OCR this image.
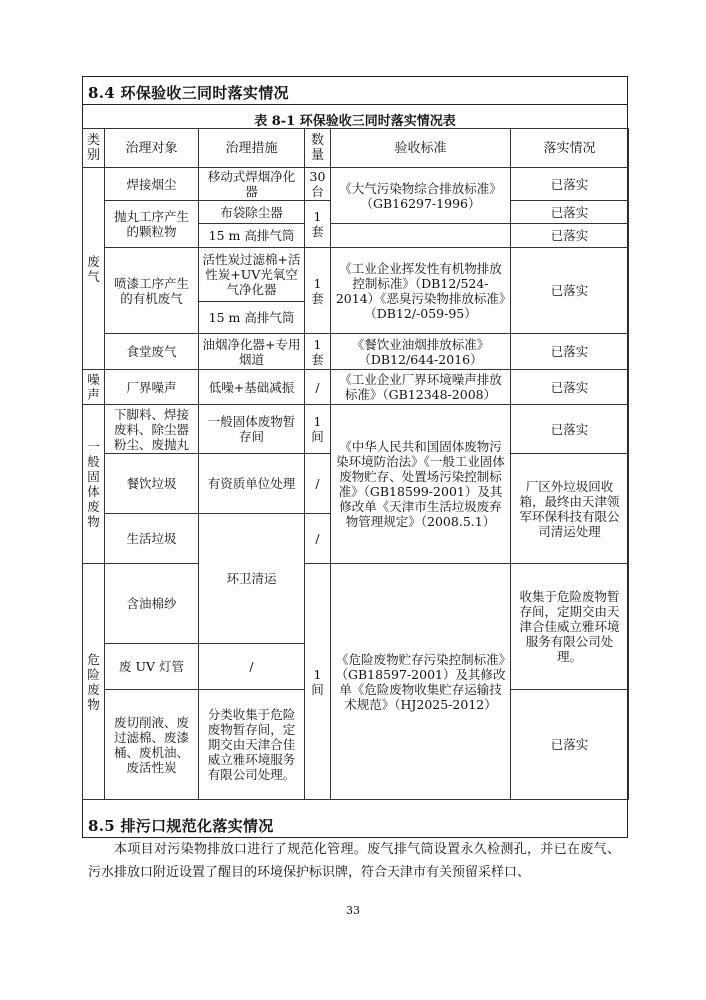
8.4 环保验收三同时落实情况
表 8-1 环保验收三同时落实情况表
类别	治理对象	治理措施	数量	验收标准	落实情况
废气	焊接烟尘	移动式焊烟净化器	30台	《大气污染物综合排放标准》（GB16297-1996）	已落实
	抛丸工序产生的颗粒物	布袋除尘器	1套		已落实
		15 m 高排气筒			已落实
	喷漆工序产生的有机废气	活性炭过滤棉+活性炭+UV光氧空气净化器	1套	《工业企业挥发性有机物排放控制标准》（DB12/524-2014）《恶臭污染物排放标准》（DB12/-059-95）	已落实
		15 m 高排气筒			
	食堂废气	油烟净化器+专用烟道	1套	《餐饮业油烟排放标准》（DB12/644-2016）	已落实
噪声	厂界噪声	低噪+基础减振	/	《工业企业厂界环境噪声排放标准》（GB12348-2008）	已落实
一般固体废物	下脚料、焊接废料、除尘器粉尘、废抛丸	一般固体废物暂存间	1间	《中华人民共和国固体废物污染环境防治法》《一般工业固体废物贮存、处置场污染控制标准》（GB18599-2001）及其修改单《天津市生活垃圾废弃物管理规定》（2008.5.1）	已落实
	餐饮垃圾	有资质单位处理	/		厂区外垃圾回收箱，最终由天津领军环保科技有限公司清运处理
	生活垃圾	环卫清运	/		
危险废物	含油棉纱		1间	《危险废物贮存污染控制标准》（GB18597-2001）及其修改单《危险废物收集贮存运输技术规范》（HJ2025-2012）	收集于危险废物暂存间，定期交由天津合佳威立雅环境服务有限公司处理。
	废 UV 灯管	/			
	废切削液、废过滤棉、废漆桶、废机油、废活性炭	分类收集于危险废物暂存间，定期交由天津合佳威立雅环境服务有限公司处理。			已落实
8.5 排污口规范化落实情况
本项目对污染物排放口进行了规范化管理。废气排气筒设置永久检测孔，并已在废气、污水排放口附近设置了醒目的环境保护标识牌，符合天津市有关预留采样口、
33
